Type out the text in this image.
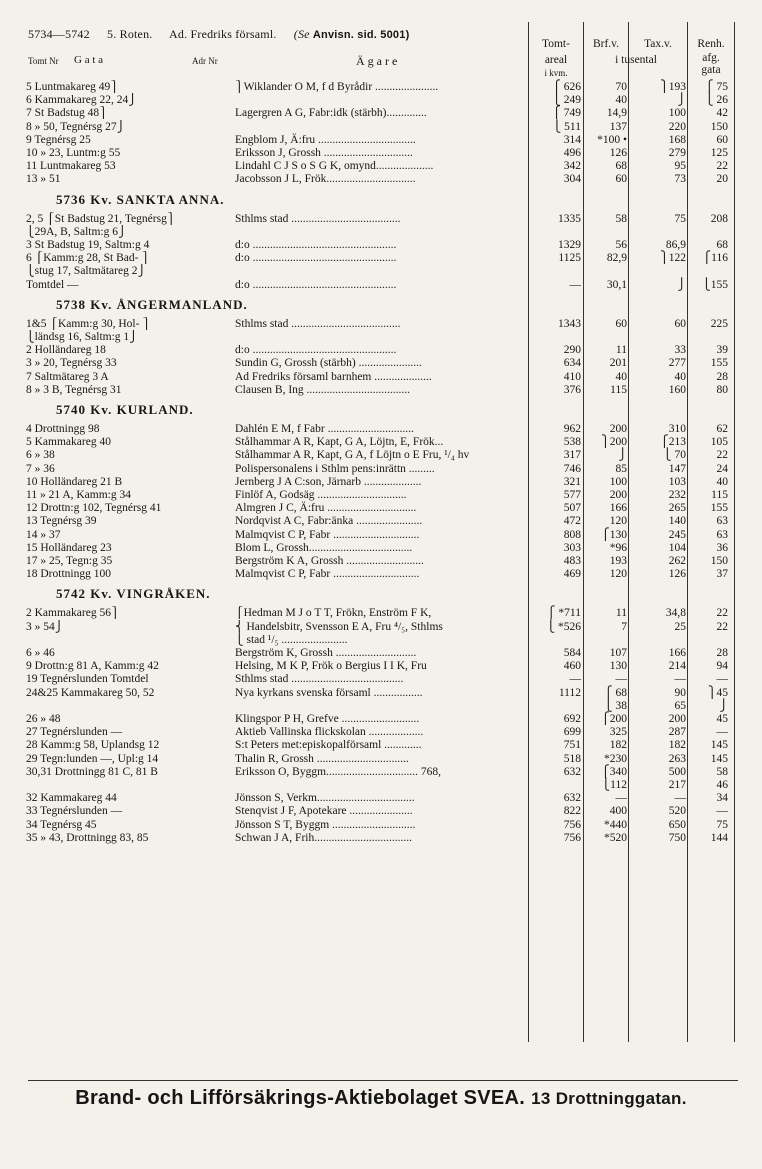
5734—5742 5. Roten. Ad. Fredriks församl. (Se Anvisn. sid. 5001)
Tomt Nr G a t a	Adr Nr	Ä g a r e
Tomt-
areal
i kvm.
Brf.v.	Tax.v.
i tusental
Renh.
afg.
gata
5 Luntmakareg 49⎫	⎫Wiklander O M, f d Byrådir ......................	⎧ 626	70	⎫193	⎧ 75
6 Kammakareg 22, 24⎭	⎩ 249	40	⎭	⎩ 26
7 St Badstug 48⎫	Lagergren A G, Fabr:idk (stärbh)..............	⎧ 749	14,9	100	42
8 » 50, Tegnérsg 27⎭	⎩ 511	137	220	150
9 Tegnérsg 25	Engblom J, Ä:fru ..................................	314	*100 •	168	60
10 » 23, Luntm:g 55	Eriksson J, Grossh ...............................	496	126	279	125
11 Luntmakareg 53	Lindahl C J S o S G K, omynd....................	342	68	95	22
13 » 51	Jacobsson J L, Frök...............................	304	60	73	20
5736 Kv. SANKTA ANNA.
2, 5 ⎧St Badstug 21, Tegnérsg⎫	Sthlms stad ......................................	1335	58	75	208
⎩29A, B, Saltm:g 6⎭
3 St Badstug 19, Saltm:g 4	d:o ..................................................	1329	56	86,9	68
6 ⎧Kamm:g 28, St Bad- ⎫	d:o ..................................................	1125	82,9	⎫122	⎧116
⎩stug 17, Saltmätareg 2⎭
Tomtdel —	d:o ..................................................	—	30,1	⎭	⎩155
5738 Kv. ÅNGERMANLAND.
1&5 ⎧Kamm:g 30, Hol- ⎫	Sthlms stad ......................................	1343	60	60	225
⎩ländsg 16, Saltm:g 1⎭
2 Holländareg 18	d:o ..................................................	290	11	33	39
3 » 20, Tegnérsg 33	Sundin G, Grossh (stärbh) ......................	634	201	277	155
7 Saltmätareg 3 A	Ad Fredriks församl barnhem ....................	410	40	40	28
8 » 3 B, Tegnérsg 31	Clausen B, Ing ....................................	376	115	160	80
5740 Kv. KURLAND.
4 Drottningg 98	Dahlén E M, f Fabr ..............................	962	200	310	62
5 Kammakareg 40	Stålhammar A R, Kapt, G A, Löjtn, E, Frök...	538	⎫200	⎧213	105
6 » 38	Stålhammar A R, Kapt, G A, f Löjtn o E Fru, ¹/₄ hv	317	⎭	⎩ 70	22
7 » 36	Polispersonalens i Sthlm pens:inrättn .........	746	85	147	24
10 Holländareg 21 B	Jernberg J A C:son, Järnarb ....................	321	100	103	40
11 » 21 A, Kamm:g 34	Finlöf A, Godsäg ...............................	577	200	232	115
12 Drottn:g 102, Tegnérsg 41	Almgren J C, Ä:fru ...............................	507	166	265	155
13 Tegnérsg 39	Nordqvist A C, Fabr:änka .......................	472	120	140	63
14 » 37	Malmqvist C P, Fabr ..............................	808	⎧130	245	63
15 Holländareg 23	Blom L, Grossh....................................	303	*96	104	36
17 » 25, Tegn:g 35	Bergström K A, Grossh ...........................	483	193	262	150
18 Drottningg 100	Malmqvist C P, Fabr ..............................	469	120	126	37
5742 Kv. VINGRÅKEN.
2 Kammakareg 56⎫	⎧Hedman M J o T T, Frökn, Enström F K,	⎧ *711	11	34,8	22
3 » 54⎭	⎨ Handelsbitr, Svensson E A, Fru ⁴/₅, Sthlms	⎩ *526	7	25	22
⎩ stad ¹/₅ .......................
6 » 46	Bergström K, Grossh ............................	584	107	166	28
9 Drottn:g 81 A, Kamm:g 42	Helsing, M K P, Frök o Bergius I I K, Fru	460	130	214	94
19 Tegnérslunden Tomtdel	Sthlms stad .......................................	—	—	—	—
24&25 Kammakareg 50, 52	Nya kyrkans svenska församl .................	1112	⎧ 68	90	⎫45
⎩ 38	65	⎭
26 » 48	Klingspor P H, Grefve ...........................	692	⎧200	200	45
27 Tegnérslunden —	Aktieb Vallinska flickskolan ...................	699	325	287	—
28 Kamm:g 58, Uplandsg 12	S:t Peters met:episkopalförsaml .............	751	182	182	145
29 Tegn:lunden —, Upl:g 14	Thalin R, Grossh ................................	518	*230	263	145
30,31 Drottningg 81 C, 81 B	Eriksson O, Byggm................................ 768,	632	⎧340	500	58
⎩112	217	46
32 Kammakareg 44	Jönsson S, Verkm..................................	632	—	—	34
33 Tegnérslunden —	Stenqvist J F, Apotekare ......................	822	400	520	—
34 Tegnérsg 45	Jönsson S T, Byggm .............................	756	*440	650	75
35 » 43, Drottningg 83, 85	Schwan J A, Frih..................................	756	*520	750	144
Brand- och Lifförsäkrings-Aktiebolaget SVEA. 13 Drottninggatan.
